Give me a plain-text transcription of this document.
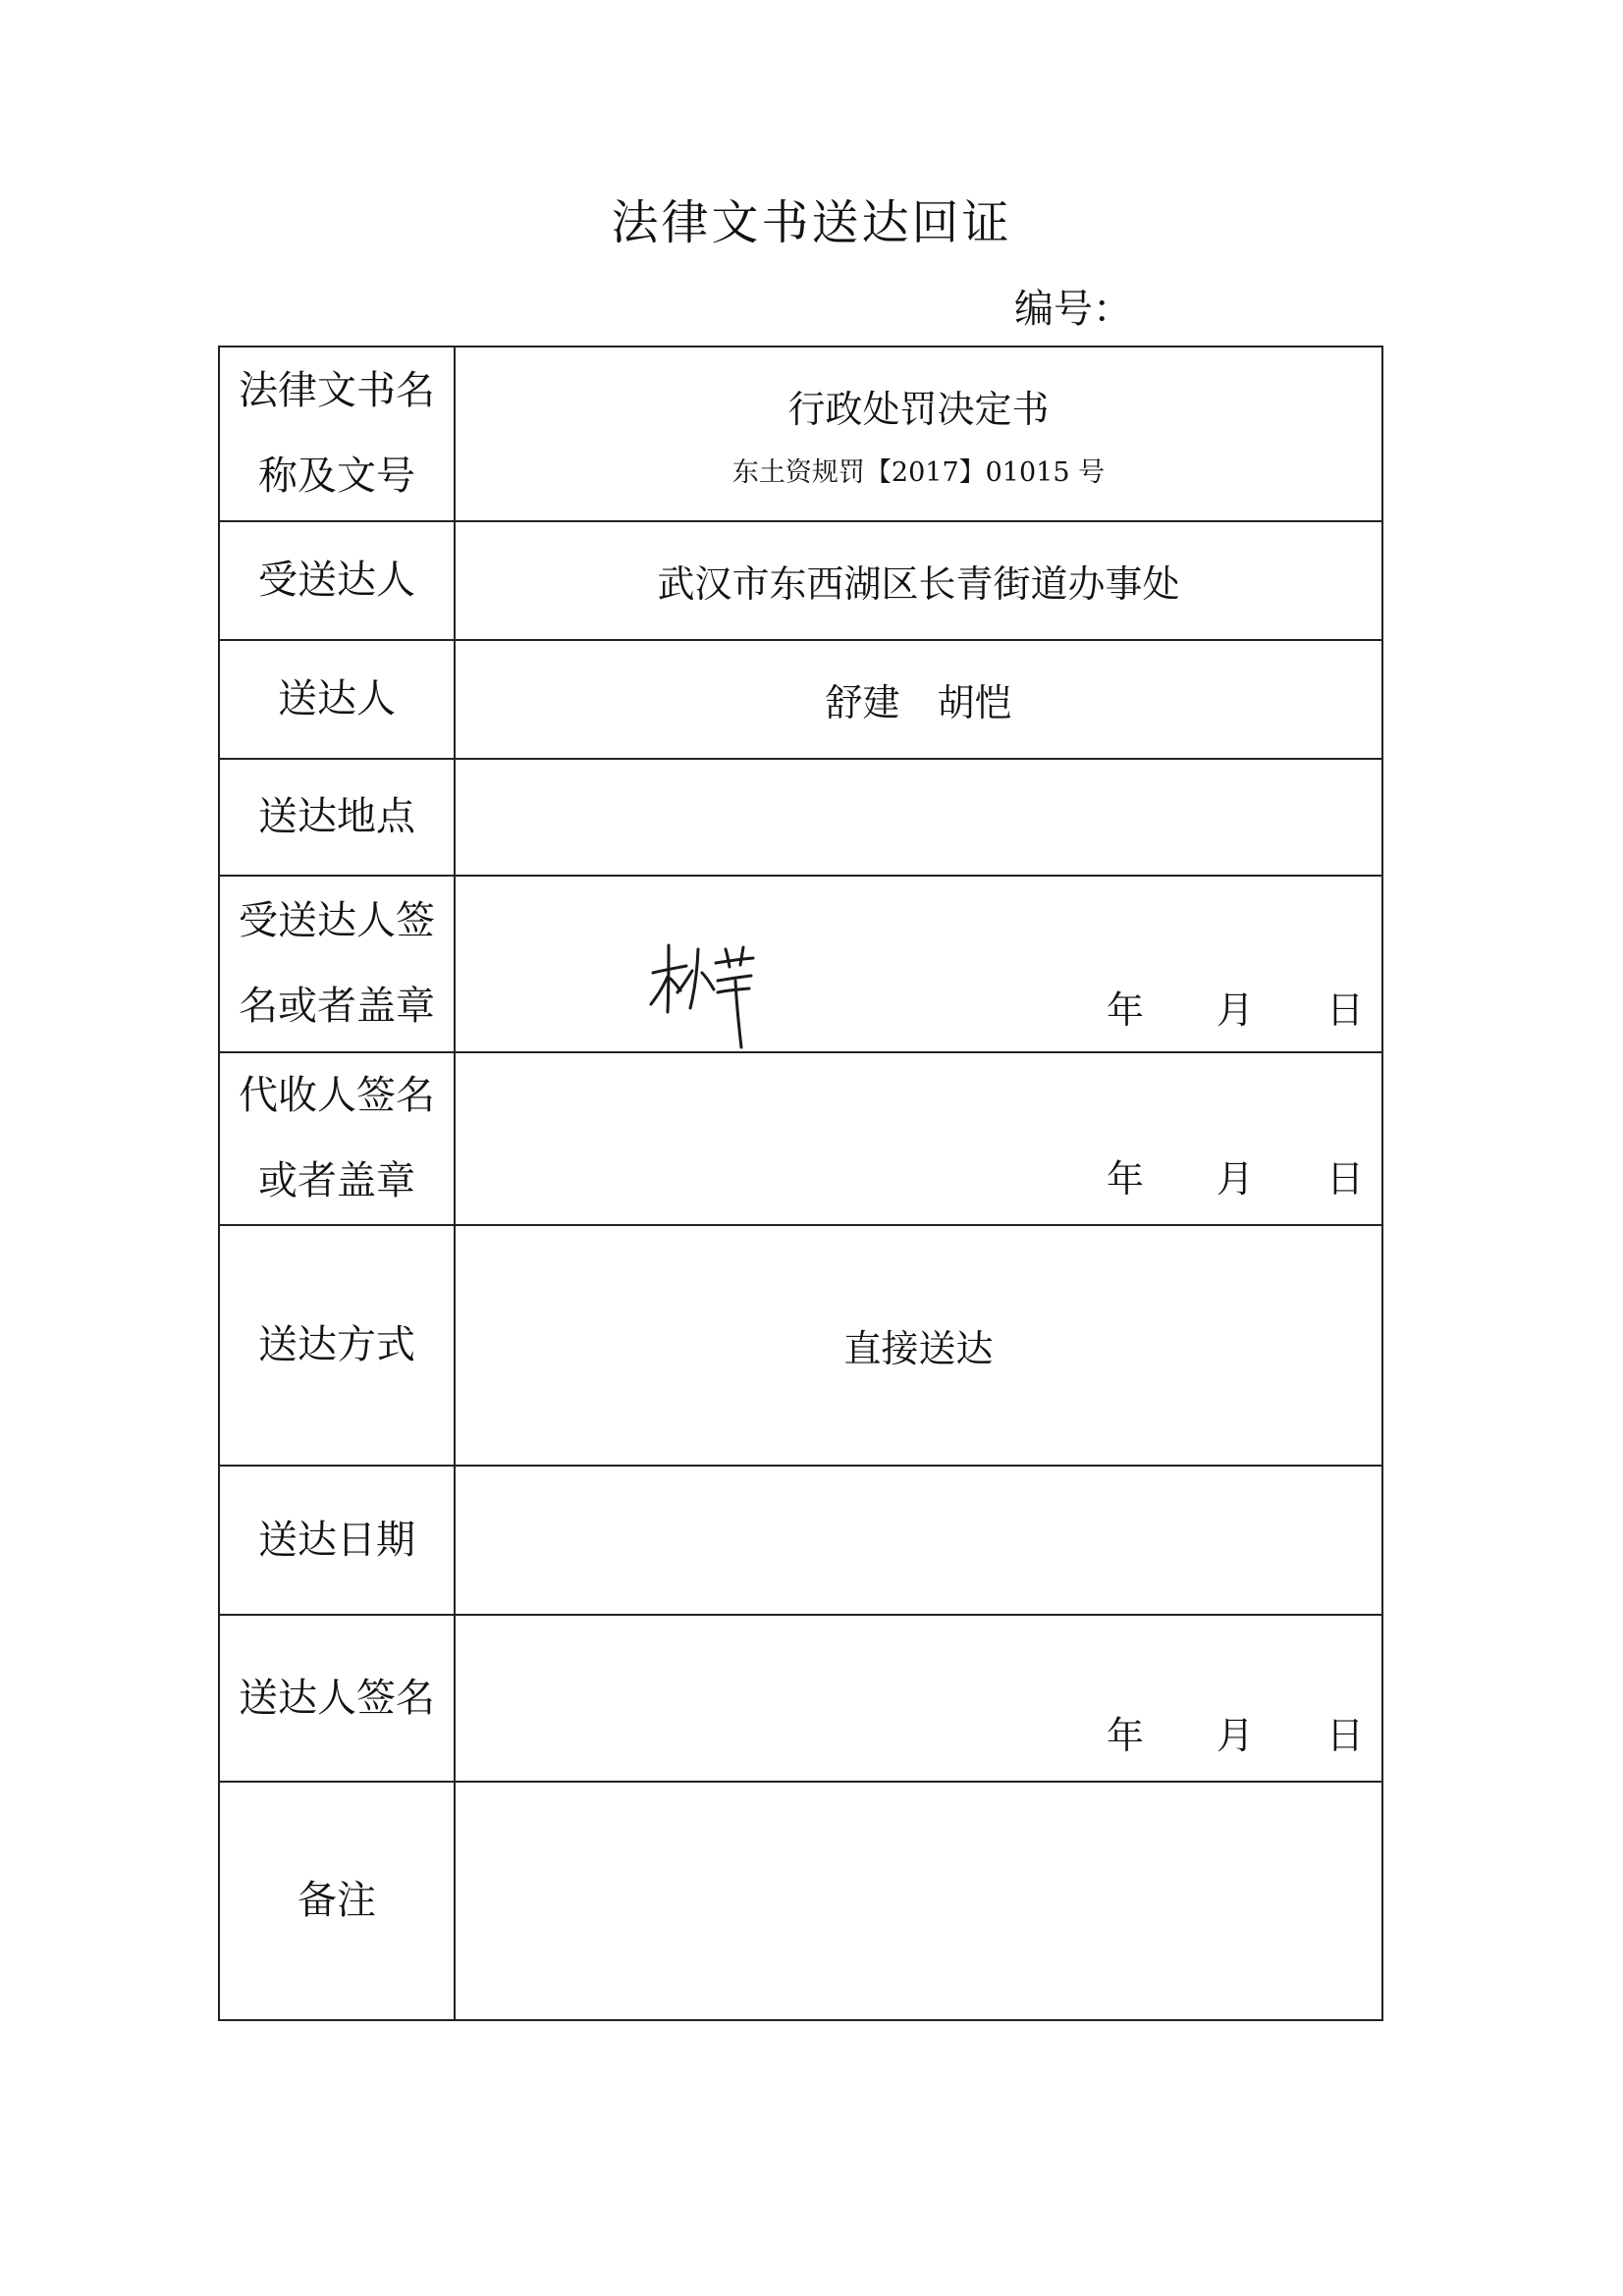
法律文书送达回证
编号：
法律文书名称及文号	行政处罚决定书
东土资规罚【2017】01015 号

受送达人	武汉市东西湖区长青街道办事处
送达人	舒建　胡恺
送达地点	

受送达人签名或者盖章	年 月 日

代收人签名或者盖章	年 月 日

送达方式	直接送达
送达日期	
送达人签名	年 月 日

备注	
